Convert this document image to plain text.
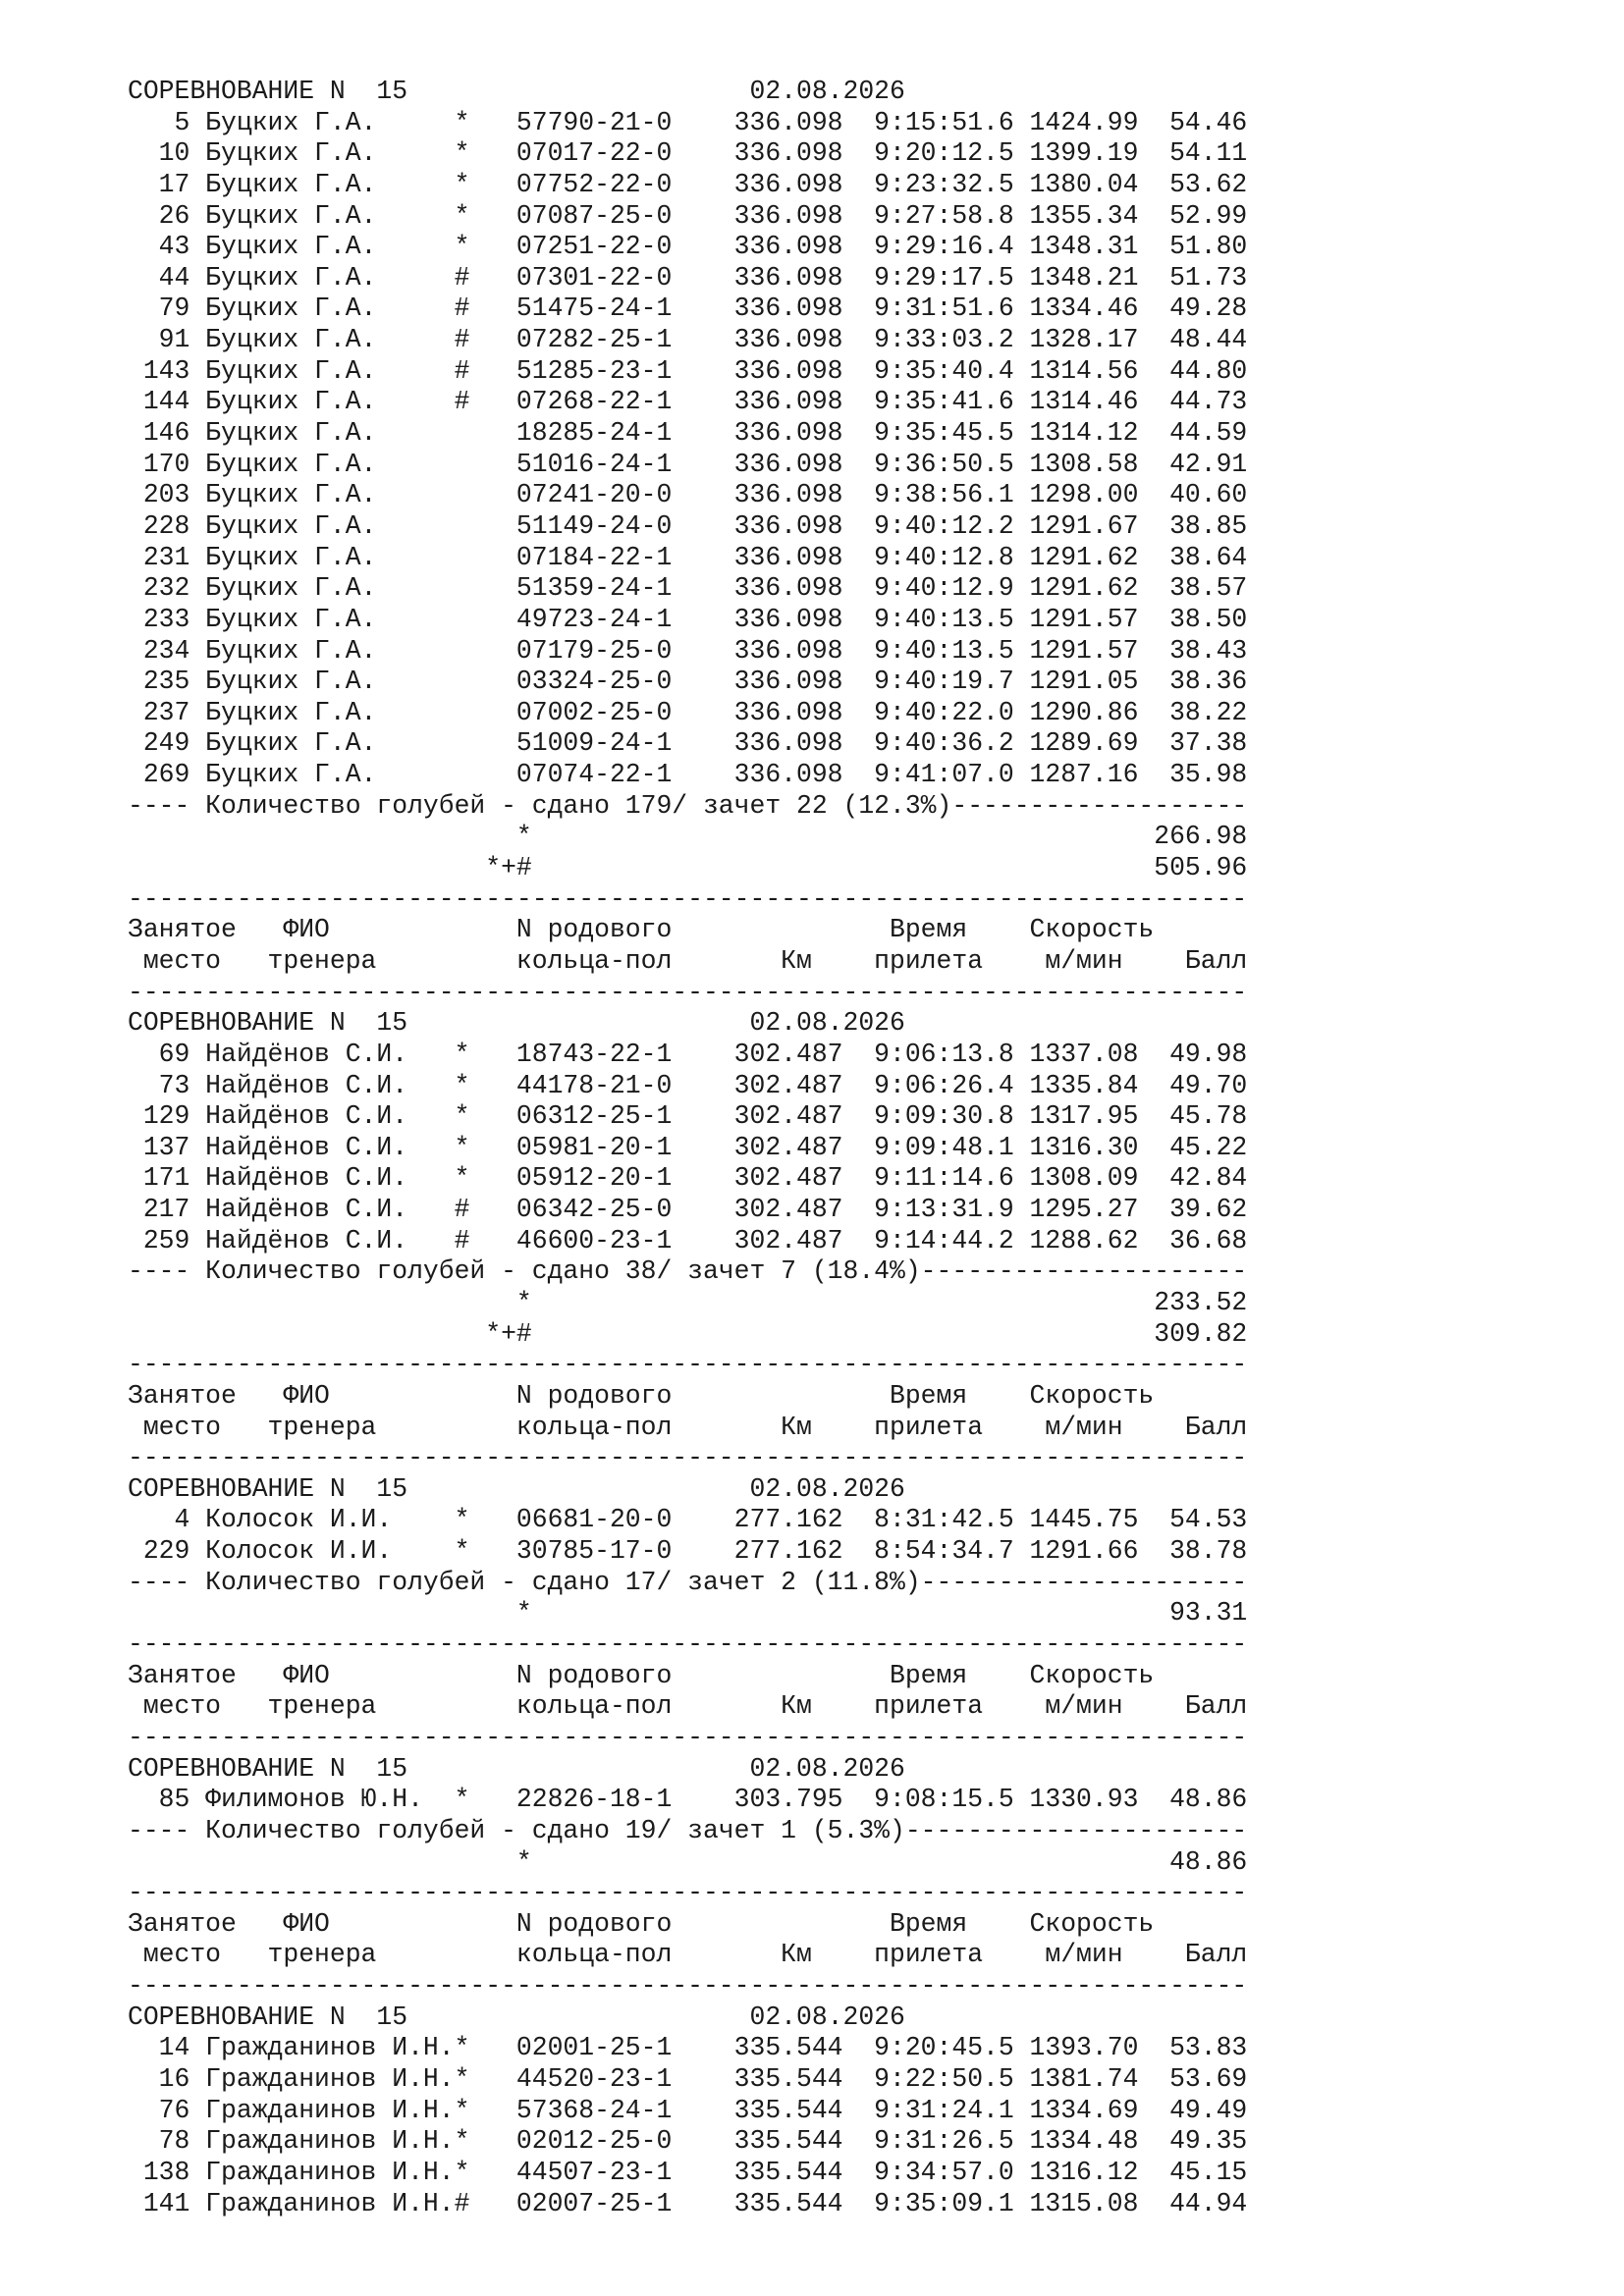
СОРЕВНОВАНИЕ N  15                      02.08.2026
5 Буцких Г.А.     *   57790-21-0    336.098  9:15:51.6 1424.99  54.46
10 Буцких Г.А.     *   07017-22-0    336.098  9:20:12.5 1399.19  54.11
17 Буцких Г.А.     *   07752-22-0    336.098  9:23:32.5 1380.04  53.62
26 Буцких Г.А.     *   07087-25-0    336.098  9:27:58.8 1355.34  52.99
43 Буцких Г.А.     *   07251-22-0    336.098  9:29:16.4 1348.31  51.80
44 Буцких Г.А.     #   07301-22-0    336.098  9:29:17.5 1348.21  51.73
79 Буцких Г.А.     #   51475-24-1    336.098  9:31:51.6 1334.46  49.28
91 Буцких Г.А.     #   07282-25-1    336.098  9:33:03.2 1328.17  48.44
143 Буцких Г.А.     #   51285-23-1    336.098  9:35:40.4 1314.56  44.80
144 Буцких Г.А.     #   07268-22-1    336.098  9:35:41.6 1314.46  44.73
146 Буцких Г.А.         18285-24-1    336.098  9:35:45.5 1314.12  44.59
170 Буцких Г.А.         51016-24-1    336.098  9:36:50.5 1308.58  42.91
203 Буцких Г.А.         07241-20-0    336.098  9:38:56.1 1298.00  40.60
228 Буцких Г.А.         51149-24-0    336.098  9:40:12.2 1291.67  38.85
231 Буцких Г.А.         07184-22-1    336.098  9:40:12.8 1291.62  38.64
232 Буцких Г.А.         51359-24-1    336.098  9:40:12.9 1291.62  38.57
233 Буцких Г.А.         49723-24-1    336.098  9:40:13.5 1291.57  38.50
234 Буцких Г.А.         07179-25-0    336.098  9:40:13.5 1291.57  38.43
235 Буцких Г.А.         03324-25-0    336.098  9:40:19.7 1291.05  38.36
237 Буцких Г.А.         07002-25-0    336.098  9:40:22.0 1290.86  38.22
249 Буцких Г.А.         51009-24-1    336.098  9:40:36.2 1289.69  37.38
269 Буцких Г.А.         07074-22-1    336.098  9:41:07.0 1287.16  35.98
---- Количество голубей - сдано 179/ зачет 22 (12.3%)-------------------
*                                        266.98
*+#                                        505.96
------------------------------------------------------------------------
Занятое   ФИО            N родового              Время    Скорость
место   тренера         кольца-пол       Км    прилета    м/мин    Балл
------------------------------------------------------------------------
СОРЕВНОВАНИЕ N  15                      02.08.2026
69 Найдёнов С.И.   *   18743-22-1    302.487  9:06:13.8 1337.08  49.98
73 Найдёнов С.И.   *   44178-21-0    302.487  9:06:26.4 1335.84  49.70
129 Найдёнов С.И.   *   06312-25-1    302.487  9:09:30.8 1317.95  45.78
137 Найдёнов С.И.   *   05981-20-1    302.487  9:09:48.1 1316.30  45.22
171 Найдёнов С.И.   *   05912-20-1    302.487  9:11:14.6 1308.09  42.84
217 Найдёнов С.И.   #   06342-25-0    302.487  9:13:31.9 1295.27  39.62
259 Найдёнов С.И.   #   46600-23-1    302.487  9:14:44.2 1288.62  36.68
---- Количество голубей - сдано 38/ зачет 7 (18.4%)---------------------
*                                        233.52
*+#                                        309.82
------------------------------------------------------------------------
Занятое   ФИО            N родового              Время    Скорость
место   тренера         кольца-пол       Км    прилета    м/мин    Балл
------------------------------------------------------------------------
СОРЕВНОВАНИЕ N  15                      02.08.2026
4 Колосок И.И.    *   06681-20-0    277.162  8:31:42.5 1445.75  54.53
229 Колосок И.И.    *   30785-17-0    277.162  8:54:34.7 1291.66  38.78
---- Количество голубей - сдано 17/ зачет 2 (11.8%)---------------------
*                                         93.31
------------------------------------------------------------------------
Занятое   ФИО            N родового              Время    Скорость
место   тренера         кольца-пол       Км    прилета    м/мин    Балл
------------------------------------------------------------------------
СОРЕВНОВАНИЕ N  15                      02.08.2026
85 Филимонов Ю.Н.  *   22826-18-1    303.795  9:08:15.5 1330.93  48.86
---- Количество голубей - сдано 19/ зачет 1 (5.3%)----------------------
*                                         48.86
------------------------------------------------------------------------
Занятое   ФИО            N родового              Время    Скорость
место   тренера         кольца-пол       Км    прилета    м/мин    Балл
------------------------------------------------------------------------
СОРЕВНОВАНИЕ N  15                      02.08.2026
14 Гражданинов И.Н.*   02001-25-1    335.544  9:20:45.5 1393.70  53.83
16 Гражданинов И.Н.*   44520-23-1    335.544  9:22:50.5 1381.74  53.69
76 Гражданинов И.Н.*   57368-24-1    335.544  9:31:24.1 1334.69  49.49
78 Гражданинов И.Н.*   02012-25-0    335.544  9:31:26.5 1334.48  49.35
138 Гражданинов И.Н.*   44507-23-1    335.544  9:34:57.0 1316.12  45.15
141 Гражданинов И.Н.#   02007-25-1    335.544  9:35:09.1 1315.08  44.94
